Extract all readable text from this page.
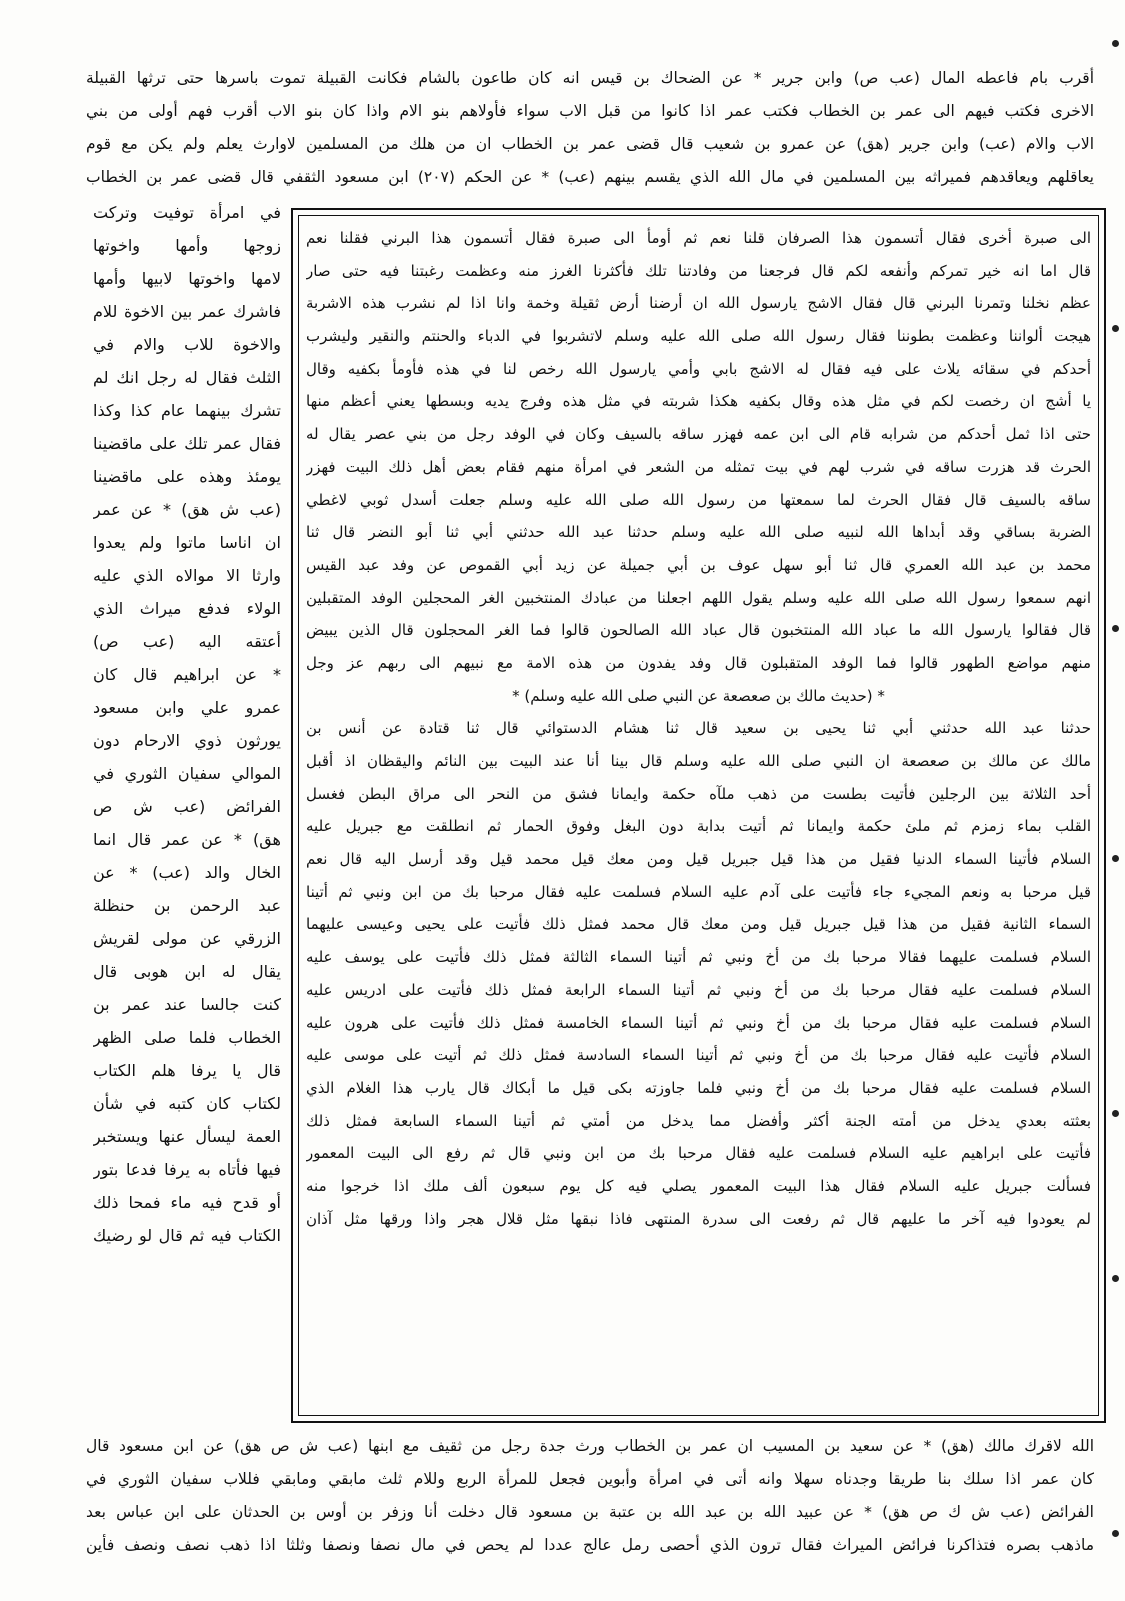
أقرب بام فاعطه المال (عب ص) وابن جرير * عن الضحاك بن قيس انه كان طاعون بالشام فكانت القبيلة تموت باسرها حتى ترثها القبيلة
الاخرى فكتب فيهم الى عمر بن الخطاب فكتب عمر اذا كانوا من قبل الاب سواء فأولاهم بنو الام واذا كان بنو الاب أقرب فهم أولى من بني
الاب والام (عب) وابن جرير (هق) عن عمرو بن شعيب قال قضى عمر بن الخطاب ان من هلك من المسلمين لاوارث يعلم ولم يكن مع قوم
يعاقلهم ويعاقدهم فميراثه بين المسلمين في مال الله الذي يقسم بينهم (عب) * عن الحكم (٢٠٧) ابن مسعود الثقفي قال قضى عمر بن الخطاب
الى صبرة أخرى فقال أتسمون هذا الصرفان قلنا نعم ثم أومأ الى صبرة فقال أتسمون هذا البرني فقلنا نعم
قال اما انه خير تمركم وأنفعه لكم قال فرجعنا من وفادتنا تلك فأكثرنا الغرز منه وعظمت رغبتنا فيه حتى صار
عظم نخلنا وتمرنا البرني قال فقال الاشج يارسول الله ان أرضنا أرض ثقيلة وخمة وانا اذا لم نشرب هذه الاشربة
هيجت ألواننا وعظمت بطوننا فقال رسول الله صلى الله عليه وسلم لاتشربوا في الدباء والحنتم والنقير وليشرب
أحدكم في سقائه يلاث على فيه فقال له الاشج بابي وأمي يارسول الله رخص لنا في هذه فأومأ بكفيه وقال
يا أشج ان رخصت لكم في مثل هذه وقال بكفيه هكذا شربته في مثل هذه وفرج يديه وبسطها يعني أعظم منها
حتى اذا ثمل أحدكم من شرابه قام الى ابن عمه فهزر ساقه بالسيف وكان في الوفد رجل من بني عصر يقال له
الحرث قد هزرت ساقه في شرب لهم في بيت تمثله من الشعر في امرأة منهم فقام بعض أهل ذلك البيت فهزر
ساقه بالسيف قال فقال الحرث لما سمعتها من رسول الله صلى الله عليه وسلم جعلت أسدل ثوبي لاغطي
الضربة بساقي وقد أبداها الله لنبيه صلى الله عليه وسلم حدثنا عبد الله حدثني أبي ثنا أبو النضر قال ثنا
محمد بن عبد الله العمري قال ثنا أبو سهل عوف بن أبي جميلة عن زيد أبي القموص عن وفد عبد القيس
انهم سمعوا رسول الله صلى الله عليه وسلم يقول اللهم اجعلنا من عبادك المنتخبين الغر المحجلين الوفد المتقبلين
قال فقالوا يارسول الله ما عباد الله المنتخبون قال عباد الله الصالحون قالوا فما الغر المحجلون قال الذين يبيض
منهم مواضع الطهور قالوا فما الوفد المتقبلون قال وفد يفدون من هذه الامة مع نبيهم الى ربهم عز وجل
* (حديث مالك بن صعصعة عن النبي صلى الله عليه وسلم) *
حدثنا عبد الله حدثني أبي ثنا يحيى بن سعيد قال ثنا هشام الدستوائي قال ثنا قتادة عن أنس بن
مالك عن مالك بن صعصعة ان النبي صلى الله عليه وسلم قال بينا أنا عند البيت بين النائم واليقظان اذ أقبل
أحد الثلاثة بين الرجلين فأتيت بطست من ذهب ملآه حكمة وايمانا فشق من النحر الى مراق البطن فغسل
القلب بماء زمزم ثم ملئ حكمة وايمانا ثم أتيت بدابة دون البغل وفوق الحمار ثم انطلقت مع جبريل عليه
السلام فأتينا السماء الدنيا فقيل من هذا قيل جبريل قيل ومن معك قيل محمد قيل وقد أرسل اليه قال نعم
قيل مرحبا به ونعم المجيء جاء فأتيت على آدم عليه السلام فسلمت عليه فقال مرحبا بك من ابن ونبي ثم أتينا
السماء الثانية فقيل من هذا قيل جبريل قيل ومن معك قال محمد فمثل ذلك فأتيت على يحيى وعيسى عليهما
السلام فسلمت عليهما فقالا مرحبا بك من أخ ونبي ثم أتينا السماء الثالثة فمثل ذلك فأتيت على يوسف عليه
السلام فسلمت عليه فقال مرحبا بك من أخ ونبي ثم أتينا السماء الرابعة فمثل ذلك فأتيت على ادريس عليه
السلام فسلمت عليه فقال مرحبا بك من أخ ونبي ثم أتينا السماء الخامسة فمثل ذلك فأتيت على هرون عليه
السلام فأتيت عليه فقال مرحبا بك من أخ ونبي ثم أتينا السماء السادسة فمثل ذلك ثم أتيت على موسى عليه
السلام فسلمت عليه فقال مرحبا بك من أخ ونبي فلما جاوزته بكى قيل ما أبكاك قال يارب هذا الغلام الذي
بعثته بعدي يدخل من أمته الجنة أكثر وأفضل مما يدخل من أمتي ثم أتينا السماء السابعة فمثل ذلك
فأتيت على ابراهيم عليه السلام فسلمت عليه فقال مرحبا بك من ابن ونبي قال ثم رفع الى البيت المعمور
فسألت جبريل عليه السلام فقال هذا البيت المعمور يصلي فيه كل يوم سبعون ألف ملك اذا خرجوا منه
لم يعودوا فيه آخر ما عليهم قال ثم رفعت الى سدرة المنتهى فاذا نبقها مثل قلال هجر واذا ورقها مثل آذان
في امرأة توفيت وتركت
زوجها وأمها واخوتها
لامها واخوتها لابيها وأمها
فاشرك عمر بين الاخوة للام
والاخوة للاب والام في
الثلث فقال له رجل انك لم
تشرك بينهما عام كذا وكذا
فقال عمر تلك على ماقضينا
يومئذ وهذه على ماقضينا
(عب ش هق) * عن عمر
ان اناسا ماتوا ولم يعدوا
وارثا الا موالاه الذي عليه
الولاء فدفع ميراث الذي
أعتقه اليه (عب ص)
* عن ابراهيم قال كان
عمرو علي وابن مسعود
يورثون ذوي الارحام دون
الموالي سفيان الثوري في
الفرائض (عب ش ص
هق) * عن عمر قال انما
الخال والد (عب) * عن
عبد الرحمن بن حنظلة
الزرقي عن مولى لقريش
يقال له ابن هوبى قال
كنت جالسا عند عمر بن
الخطاب فلما صلى الظهر
قال يا يرفا هلم الكتاب
لكتاب كان كتبه في شأن
العمة ليسأل عنها ويستخبر
فيها فأتاه به يرفا فدعا بتور
أو قدح فيه ماء فمحا ذلك
الكتاب فيه ثم قال لو رضيك
الله لاقرك مالك (هق) * عن سعيد بن المسيب ان عمر بن الخطاب ورث جدة رجل من ثقيف مع ابنها (عب ش ص هق) عن ابن مسعود قال
كان عمر اذا سلك بنا طريقا وجدناه سهلا وانه أتى في امرأة وأبوين فجعل للمرأة الربع وللام ثلث مابقي ومابقي فللاب سفيان الثوري في
الفرائض (عب ش ك ص هق) * عن عبيد الله بن عبد الله بن عتبة بن مسعود قال دخلت أنا وزفر بن أوس بن الحدثان على ابن عباس بعد
ماذهب بصره فتذاكرنا فرائض الميراث فقال ترون الذي أحصى رمل عالج عددا لم يحص في مال نصفا ونصفا وثلثا اذا ذهب نصف ونصف فأين
